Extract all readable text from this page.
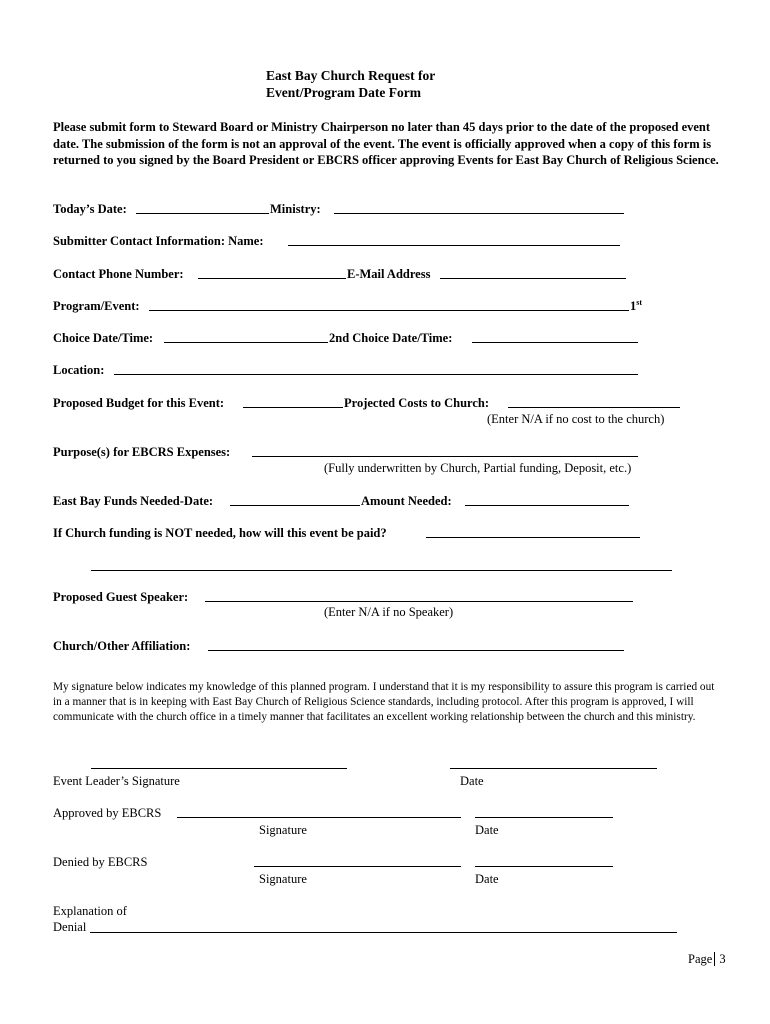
East Bay Church Request for
Event/Program Date Form
Please submit form to Steward Board or Ministry Chairperson no later than 45 days prior to the date of the proposed event date. The submission of the form is not an approval of the event. The event is officially approved when a copy of this form is returned to you signed by the Board President or EBCRS officer approving Events for East Bay Church of Religious Science.
Today’s Date:	Ministry:
Submitter Contact Information: Name:
Contact Phone Number:	E-Mail Address
Program/Event:	1st
Choice Date/Time:	2nd Choice Date/Time:
Location:
Proposed Budget for this Event:	Projected Costs to Church:
(Enter N/A if no cost to the church)
Purpose(s) for EBCRS Expenses:
(Fully underwritten by Church, Partial funding, Deposit, etc.)
East Bay Funds Needed-Date:	Amount Needed:
If Church funding is NOT needed, how will this event be paid?
Proposed Guest Speaker:
(Enter N/A if no Speaker)
Church/Other Affiliation:
My signature below indicates my knowledge of this planned program. I understand that it is my responsibility to assure this program is carried out in a manner that is in keeping with East Bay Church of Religious Science standards, including protocol. After this program is approved, I will communicate with the church office in a timely manner that facilitates an excellent working relationship between the church and this ministry.
Event Leader’s Signature	Date
Approved by EBCRS
Signature	Date
Denied by EBCRS
Signature	Date
Explanation of
Denial
Page 3
